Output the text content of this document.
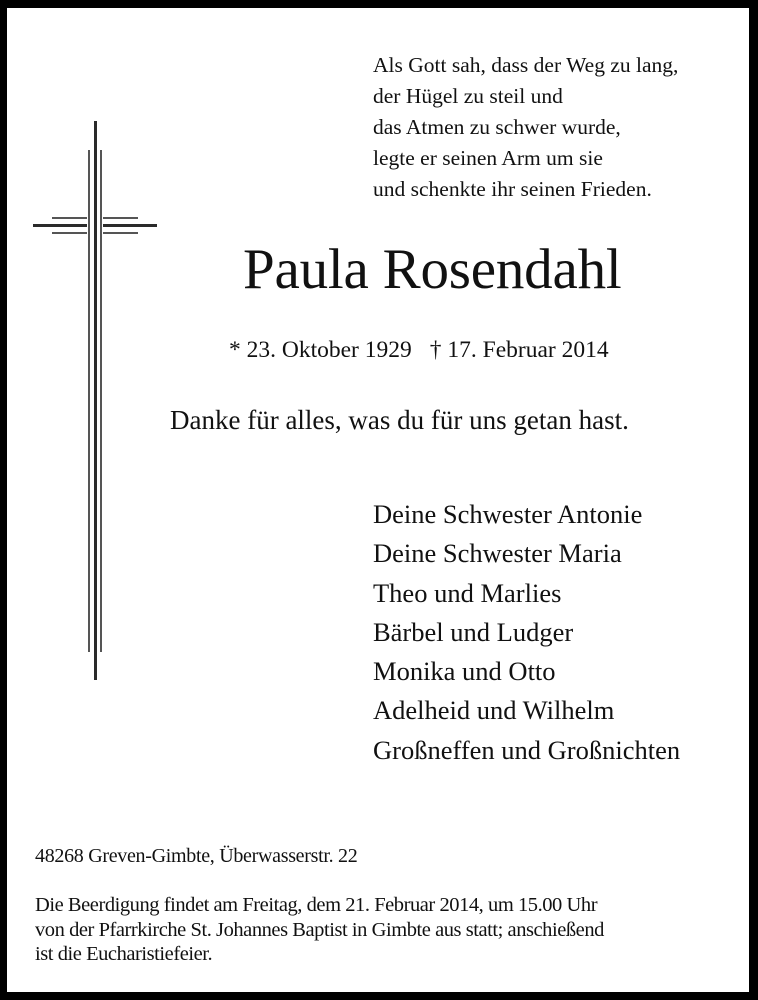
Als Gott sah, dass der Weg zu lang,
der Hügel zu steil und
das Atmen zu schwer wurde,
legte er seinen Arm um sie
und schenkte ihr seinen Frieden.
Paula Rosendahl
* 23. Oktober 1929 † 17. Februar 2014
Danke für alles, was du für uns getan hast.
Deine Schwester Antonie
Deine Schwester Maria
Theo und Marlies
Bärbel und Ludger
Monika und Otto
Adelheid und Wilhelm
Großneffen und Großnichten
48268 Greven-Gimbte, Überwasserstr. 22
Die Beerdigung findet am Freitag, dem 21. Februar 2014, um 15.00 Uhr
von der Pfarrkirche St. Johannes Baptist in Gimbte aus statt; anschießend
ist die Eucharistiefeier.
